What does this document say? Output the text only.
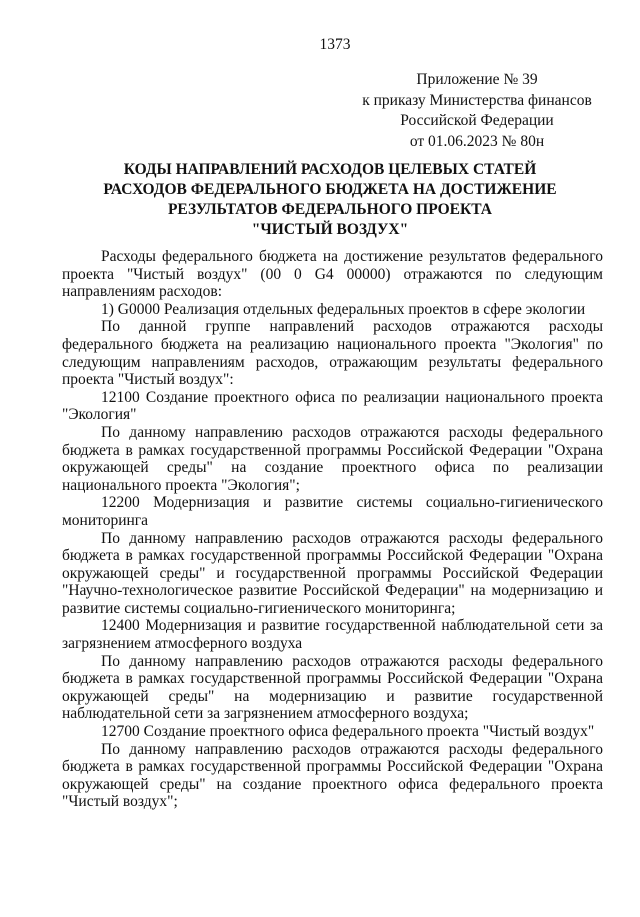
1373
Приложение № 39
к приказу Министерства финансов
Российской Федерации
от 01.06.2023 № 80н
КОДЫ НАПРАВЛЕНИЙ РАСХОДОВ ЦЕЛЕВЫХ СТАТЕЙ
РАСХОДОВ ФЕДЕРАЛЬНОГО БЮДЖЕТА НА ДОСТИЖЕНИЕ
РЕЗУЛЬТАТОВ ФЕДЕРАЛЬНОГО ПРОЕКТА
"ЧИСТЫЙ ВОЗДУХ"

Расходы федерального бюджета на достижение результатов федерального проекта "Чистый воздух" (00 0 G4 00000) отражаются по следующим направлениям расходов:

1) G0000 Реализация отдельных федеральных проектов в сфере экологии

По данной группе направлений расходов отражаются расходы федерального бюджета на реализацию национального проекта "Экология" по следующим направлениям расходов, отражающим результаты федерального проекта "Чистый воздух":

12100 Создание проектного офиса по реализации национального проекта "Экология"

По данному направлению расходов отражаются расходы федерального бюджета в рамках государственной программы Российской Федерации "Охрана окружающей среды" на создание проектного офиса по реализации национального проекта "Экология";

12200 Модернизация и развитие системы социально-гигиенического мониторинга

По данному направлению расходов отражаются расходы федерального бюджета в рамках государственной программы Российской Федерации "Охрана окружающей среды" и государственной программы Российской Федерации "Научно-технологическое развитие Российской Федерации" на модернизацию и развитие системы социально-гигиенического мониторинга;

12400 Модернизация и развитие государственной наблюдательной сети за загрязнением атмосферного воздуха

По данному направлению расходов отражаются расходы федерального бюджета в рамках государственной программы Российской Федерации "Охрана окружающей среды" на модернизацию и развитие государственной наблюдательной сети за загрязнением атмосферного воздуха;

12700 Создание проектного офиса федерального проекта "Чистый воздух"

По данному направлению расходов отражаются расходы федерального бюджета в рамках государственной программы Российской Федерации "Охрана окружающей среды" на создание проектного офиса федерального проекта "Чистый воздух";
